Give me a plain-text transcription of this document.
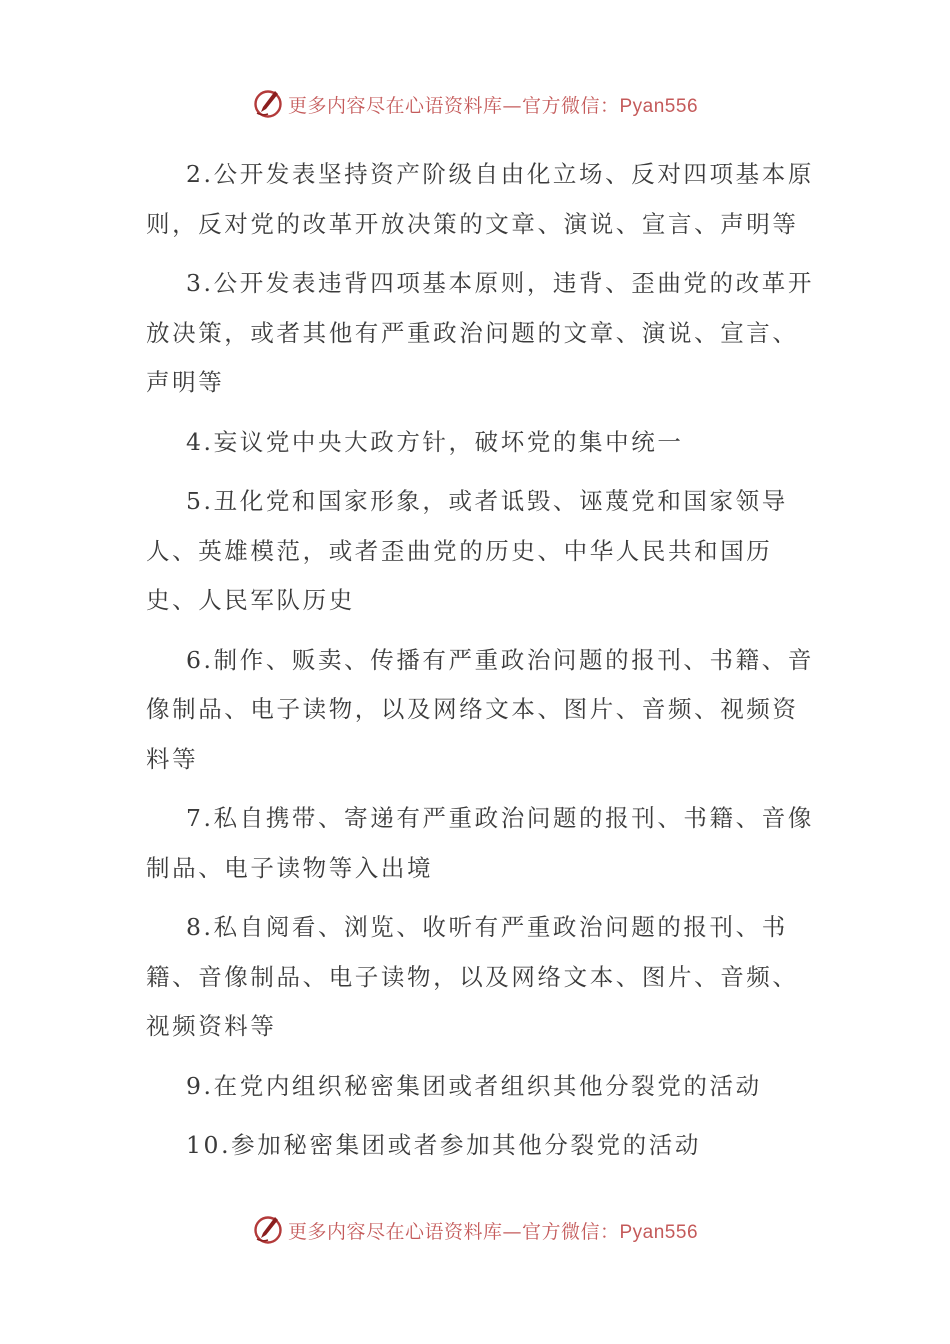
更多内容尽在心语资料库—官方微信：Pyan556

2.公开发表坚持资产阶级自由化立场、反对四项基本原则，反对党的改革开放决策的文章、演说、宣言、声明等

3.公开发表违背四项基本原则，违背、歪曲党的改革开放决策，或者其他有严重政治问题的文章、演说、宣言、声明等

4.妄议党中央大政方针，破坏党的集中统一

5.丑化党和国家形象，或者诋毁、诬蔑党和国家领导人、英雄模范，或者歪曲党的历史、中华人民共和国历史、人民军队历史

6.制作、贩卖、传播有严重政治问题的报刊、书籍、音像制品、电子读物，以及网络文本、图片、音频、视频资料等

7.私自携带、寄递有严重政治问题的报刊、书籍、音像制品、电子读物等入出境

8.私自阅看、浏览、收听有严重政治问题的报刊、书籍、音像制品、电子读物，以及网络文本、图片、音频、视频资料等

9.在党内组织秘密集团或者组织其他分裂党的活动

10.参加秘密集团或者参加其他分裂党的活动

更多内容尽在心语资料库—官方微信：Pyan556
